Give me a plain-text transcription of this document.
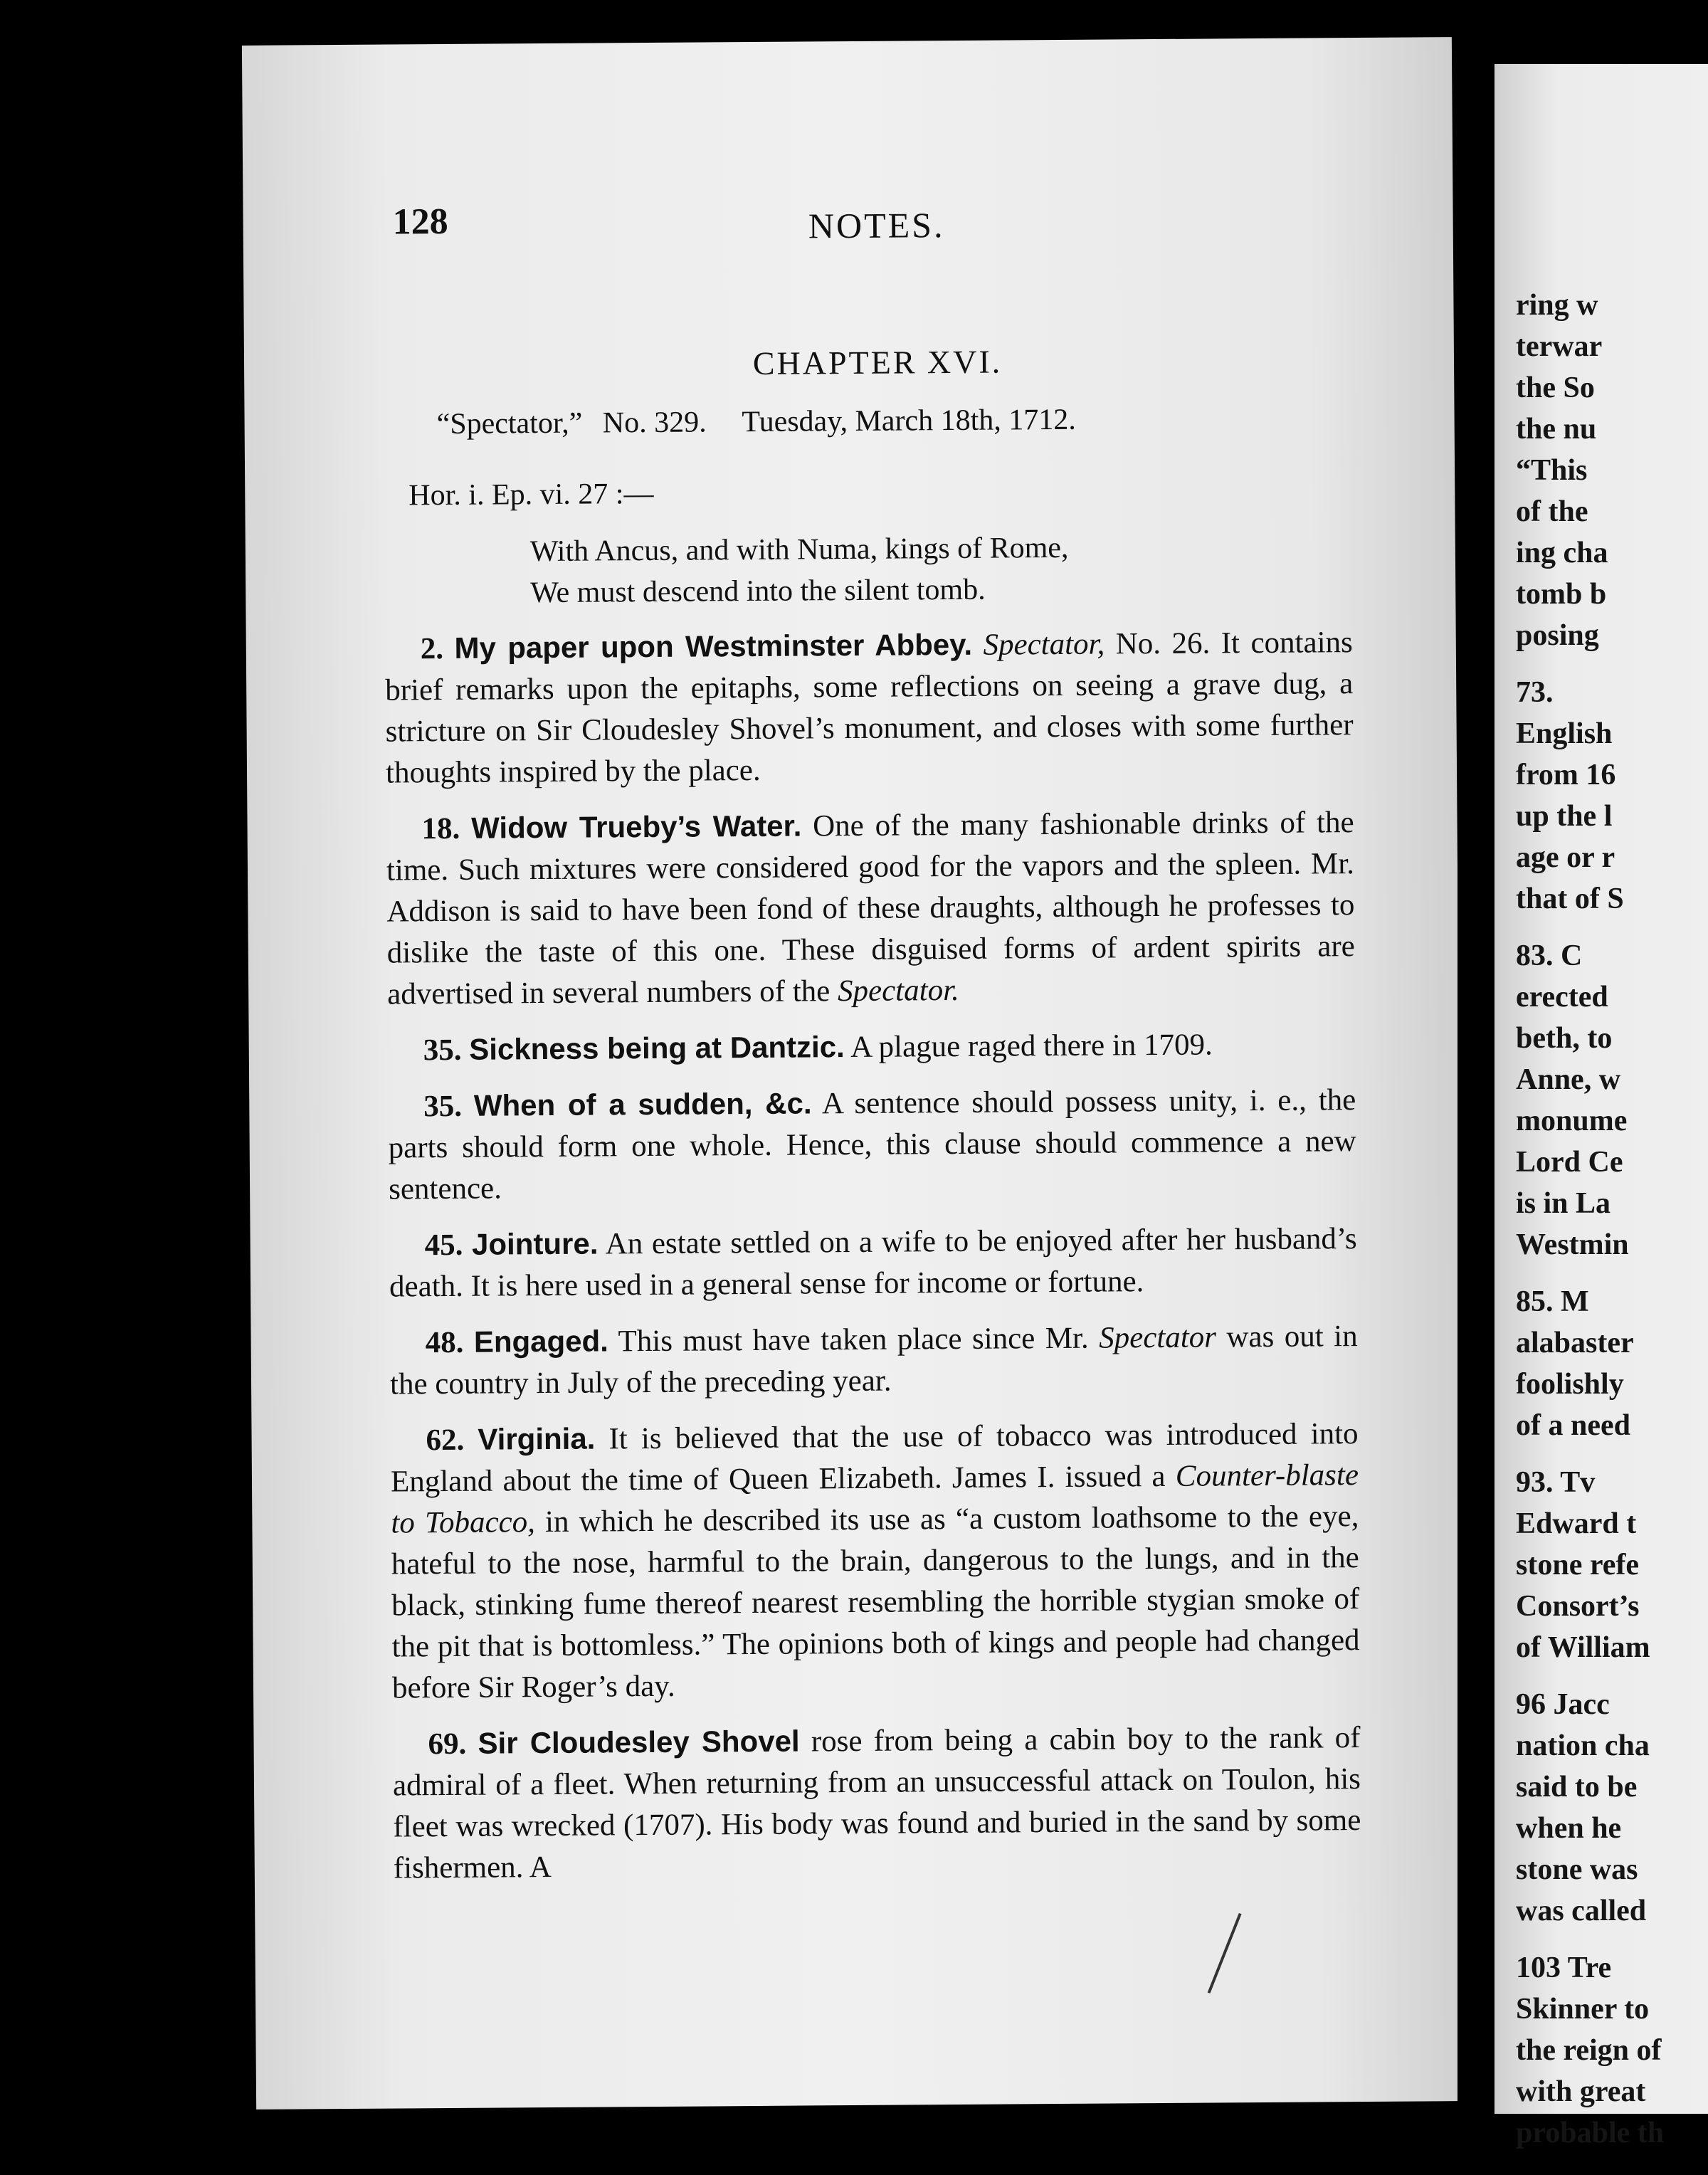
128	NOTES.
CHAPTER XVI.
“Spectator,” No. 329. Tuesday, March 18th, 1712.
Hor. i. Ep. vi. 27 :—
With Ancus, and with Numa, kings of Rome,
We must descend into the silent tomb.

2. My paper upon Westminster Abbey. Spectator, No. 26. It contains brief remarks upon the epitaphs, some reflections on seeing a grave dug, a stricture on Sir Cloudesley Shovel’s monument, and closes with some further thoughts inspired by the place.

18. Widow Trueby’s Water. One of the many fashionable drinks of the time. Such mixtures were considered good for the vapors and the spleen. Mr. Addison is said to have been fond of these draughts, although he professes to dislike the taste of this one. These disguised forms of ardent spirits are advertised in several numbers of the Spectator.

35. Sickness being at Dantzic. A plague raged there in 1709.

35. When of a sudden, &c. A sentence should possess unity, i. e., the parts should form one whole. Hence, this clause should commence a new sentence.

45. Jointure. An estate settled on a wife to be enjoyed after her husband’s death. It is here used in a general sense for income or fortune.

48. Engaged. This must have taken place since Mr. Spectator was out in the country in July of the preceding year.

62. Virginia. It is believed that the use of tobacco was introduced into England about the time of Queen Elizabeth. James I. issued a Counter-blaste to Tobacco, in which he described its use as “a custom loathsome to the eye, hateful to the nose, harmful to the brain, dangerous to the lungs, and in the black, stinking fume thereof nearest resembling the horrible stygian smoke of the pit that is bottomless.” The opinions both of kings and people had changed before Sir Roger’s day.

69. Sir Cloudesley Shovel rose from being a cabin boy to the rank of admiral of a fleet. When returning from an unsuccessful attack on Toulon, his fleet was wrecked (1707). His body was found and buried in the sand by some fishermen. A

ring w
terwar
the So
the nu
“This
of the
ing cha
tomb b
posing
73.
English
from 16
up the l
age or r
that of S
83. C
erected
beth, to
Anne, w
monume
Lord Ce
is in La
Westmin
85. M
alabaster
foolishly
of a need
93. Tv
Edward t
stone refe
Consort’s
of William
96 Jacc
nation cha
said to be
when he
stone was
was called
103 Tre
Skinner to
the reign of
with great
probable th
